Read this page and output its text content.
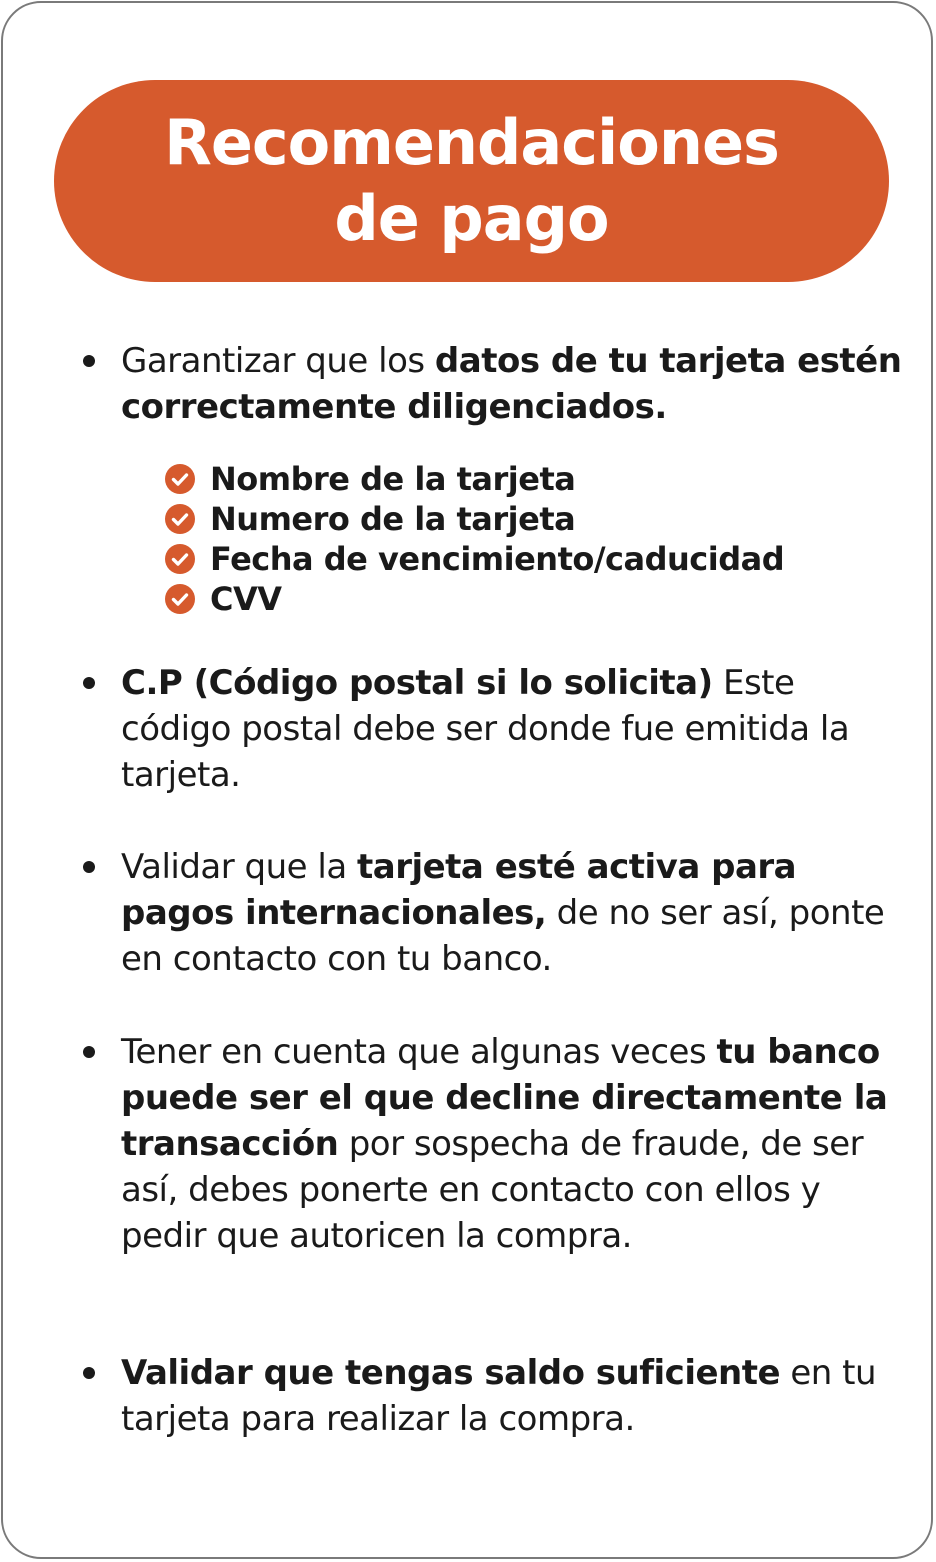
Recomendaciones
de pago
Garantizar que los datos de tu tarjeta estén correctamente diligenciados.
Nombre de la tarjeta
Numero de la tarjeta
Fecha de vencimiento/caducidad
CVV
C.P (Código postal si lo solicita) Este código postal debe ser donde fue emitida la tarjeta.
Validar que la tarjeta esté activa para pagos internacionales, de no ser así, ponte en contacto con tu banco.
Tener en cuenta que algunas veces tu banco puede ser el que decline directamente la transacción por sospecha de fraude, de ser así, debes ponerte en contacto con ellos y pedir que autoricen la compra.
Validar que tengas saldo suficiente en tu tarjeta para realizar la compra.
